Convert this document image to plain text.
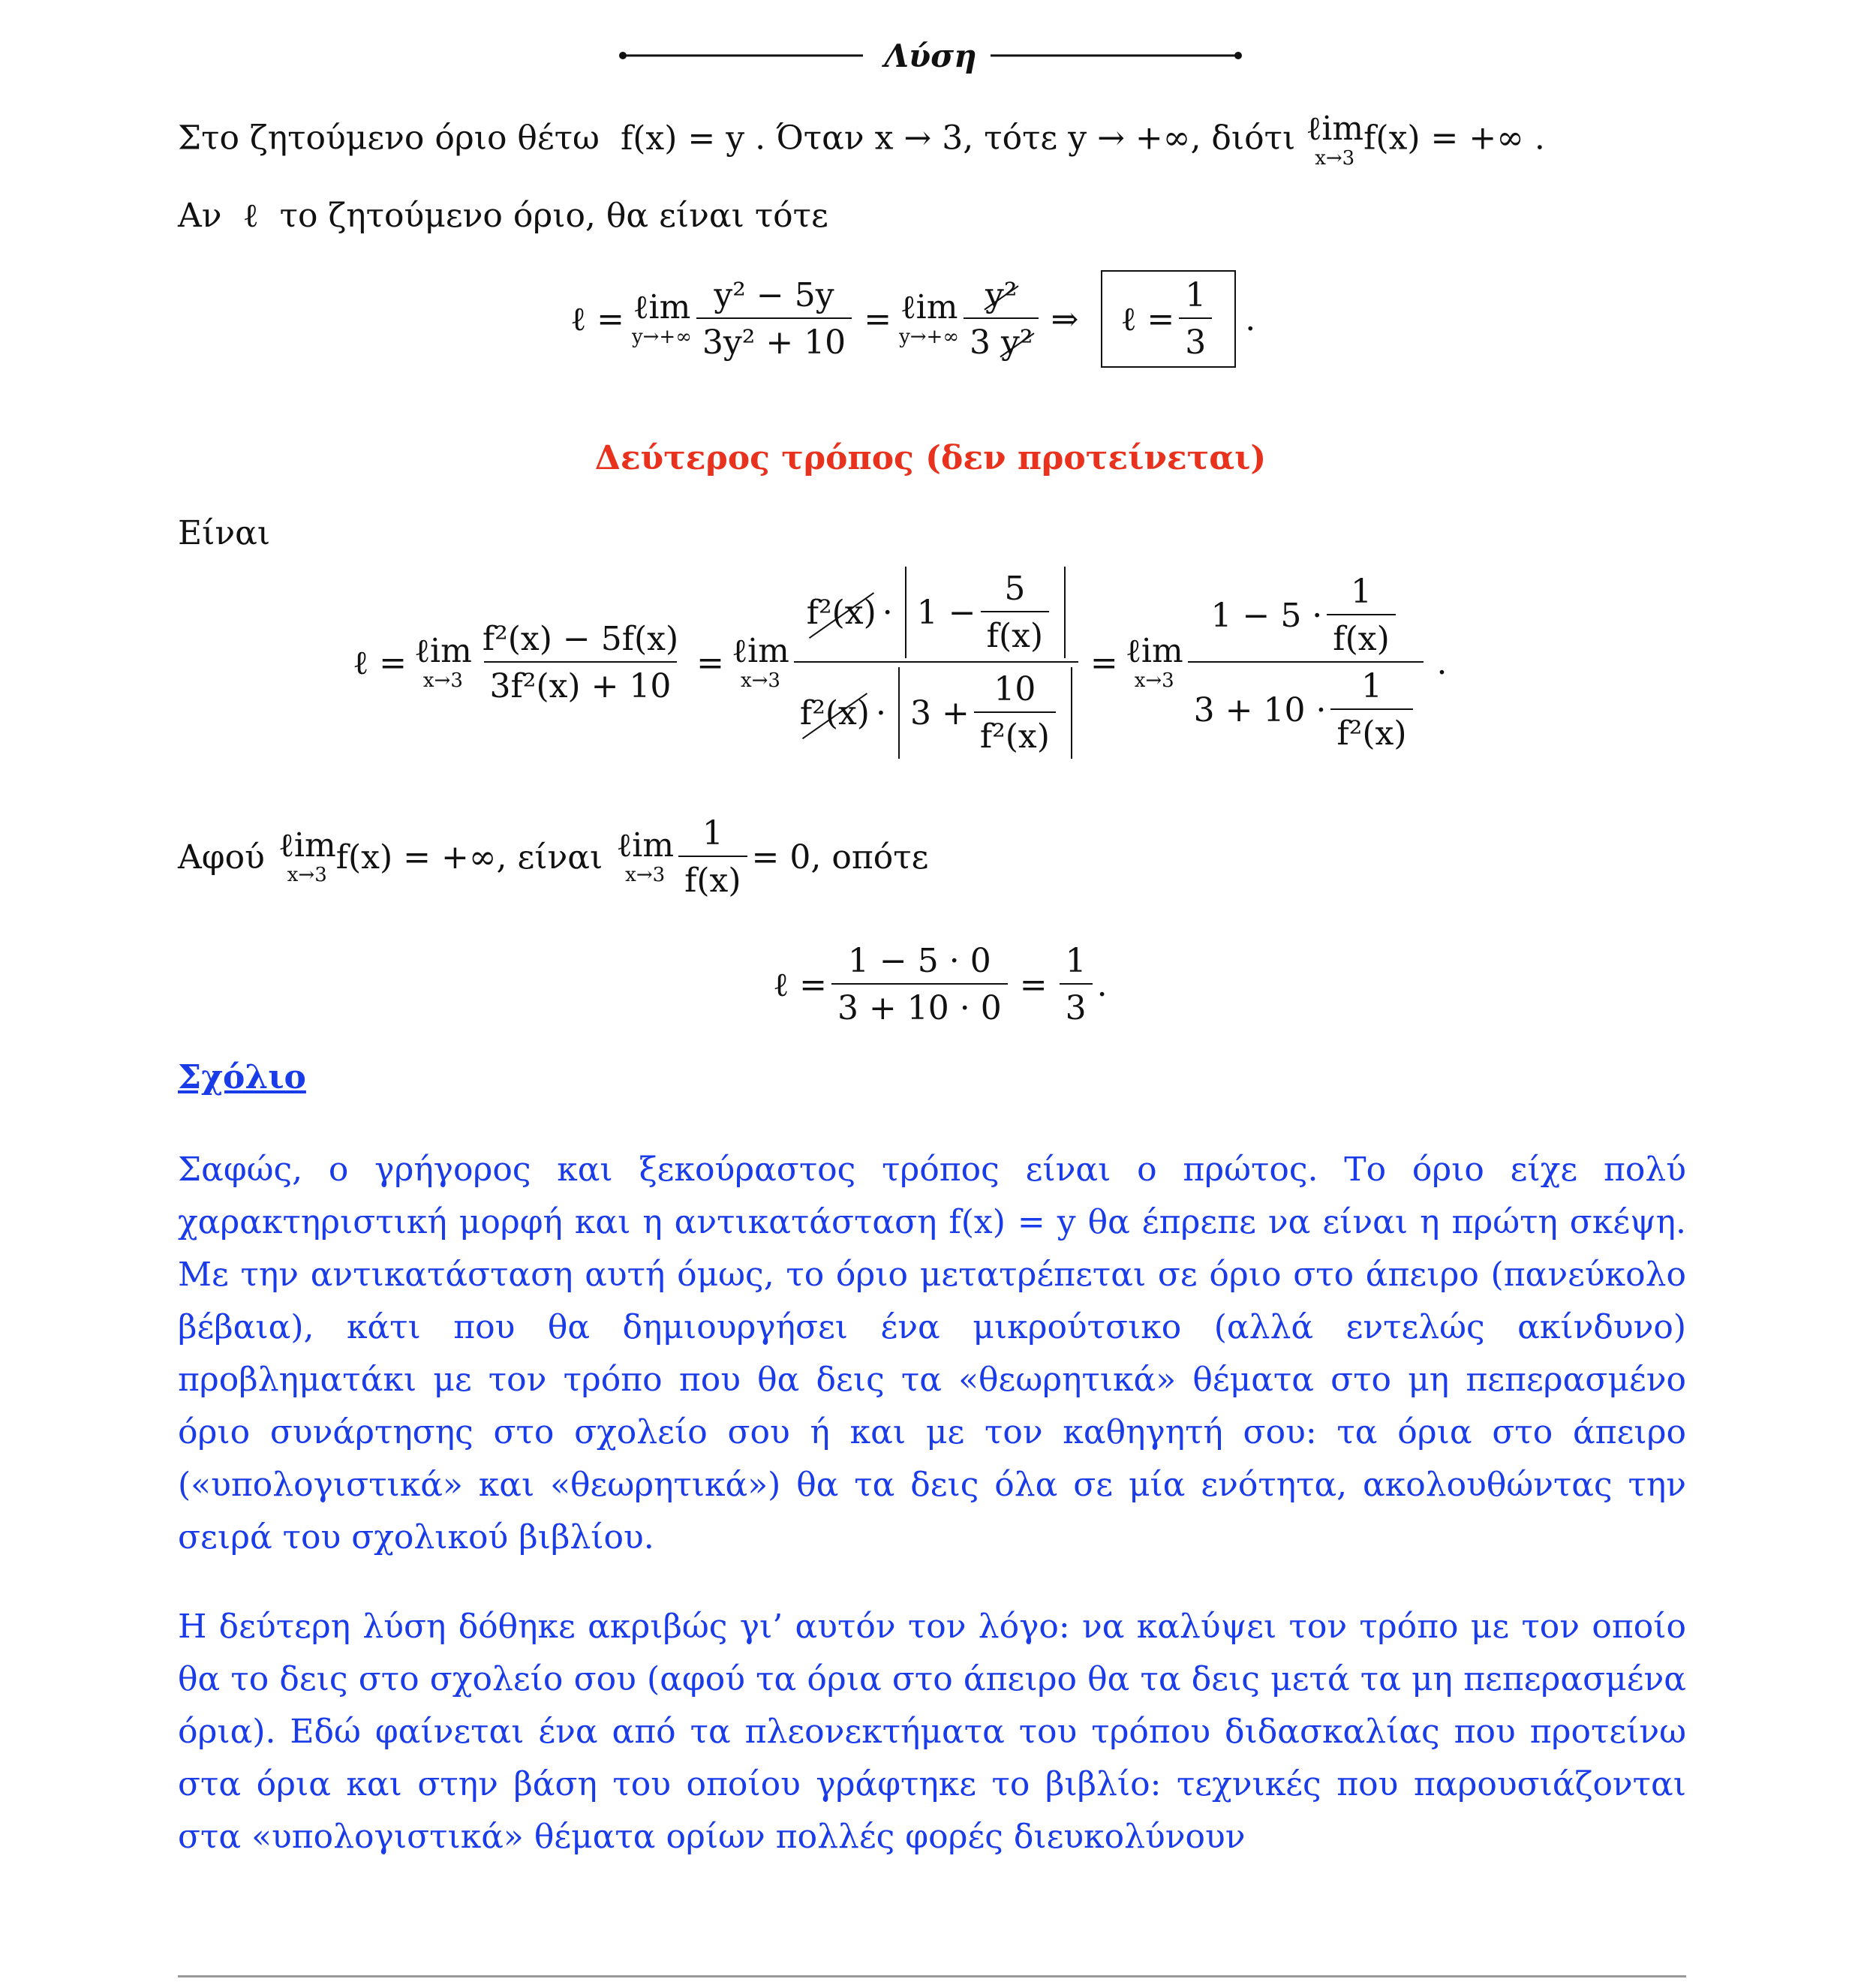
Λύση
Στο ζητούμενο όριο θέτω f(x) = y . Όταν x → 3, τότε y → +∞, διότι ℓim
x→3
f(x) = +∞ .
Αν ℓ το ζητούμενο όριο, θα είναι τότε
ℓ = ℓim
$y\to+\infty \frac{\text{y² − 5y}}{\text{3y² + 10}}$ = ℓim
$y\to+\infty \frac{\text{y²}}{\text{3 y²}}$ ⇒ ℓ = $\frac{1}{3}$ .
Δεύτερος τρόπος (δεν προτείνεται)
Είναι
ℓ = ℓim
$x\to 3 \frac{\text{f²(x) − 5f(x)}}{\text{3f²(x) + 10}}$ = ℓim
$x\to 3 \frac{f^2(x) \cdot 1 - \frac{5}{f(x)}}{f^2(x) \cdot 3 + \frac{10}{\text{f²(x)}}}$ = ℓim
$x\to 3 \frac{1 - 5 \cdot \frac{1}{f(x)}}{3 + 10 \cdot \frac{1}{\text{f²(x)}}}$ .
Αφού ℓim
x→3 f(x) = +∞ , είναι ℓim
$x\to 3 \frac{1}{f(x)} = 0$ , οπότε
ℓ = $\frac{1 - 5 \cdot 0}{3 + 10 \cdot 0} = \frac{1}{3}$ .
Σχόλιο
Σαφώς, ο γρήγορος και ξεκούραστος τρόπος είναι ο πρώτος. Το όριο είχε πολύ χαρακτηριστική μορφή και η αντικατάσταση f(x) = y θα έπρεπε να είναι η πρώτη σκέψη. Με την αντικατάσταση αυτή όμως, το όριο μετατρέπεται σε όριο στο άπειρο (πανεύκολο βέβαια), κάτι που θα δημιουργήσει ένα μικρούτσικο (αλλά εντελώς ακίνδυνο) προβληματάκι με τον τρόπο που θα δεις τα «θεωρητικά» θέματα στο μη πεπερασμένο όριο συνάρτησης στο σχολείο σου ή και με τον καθηγητή σου: τα όρια στο άπειρο («υπολογιστικά» και «θεωρητικά») θα τα δεις όλα σε μία ενότητα, ακολουθώντας την σειρά του σχολικού βιβλίου.
Η δεύτερη λύση δόθηκε ακριβώς γι’ αυτόν τον λόγο: να καλύψει τον τρόπο με τον οποίο θα το δεις στο σχολείο σου (αφού τα όρια στο άπειρο θα τα δεις μετά τα μη πεπερασμένα όρια). Εδώ φαίνεται ένα από τα πλεονεκτήματα του τρόπου διδασκαλίας που προτείνω στα όρια και στην βάση του οποίου γράφτηκε το βιβλίο: τεχνικές που παρουσιάζονται στα «υπολογιστικά» θέματα ορίων πολλές φορές διευκολύνουν
